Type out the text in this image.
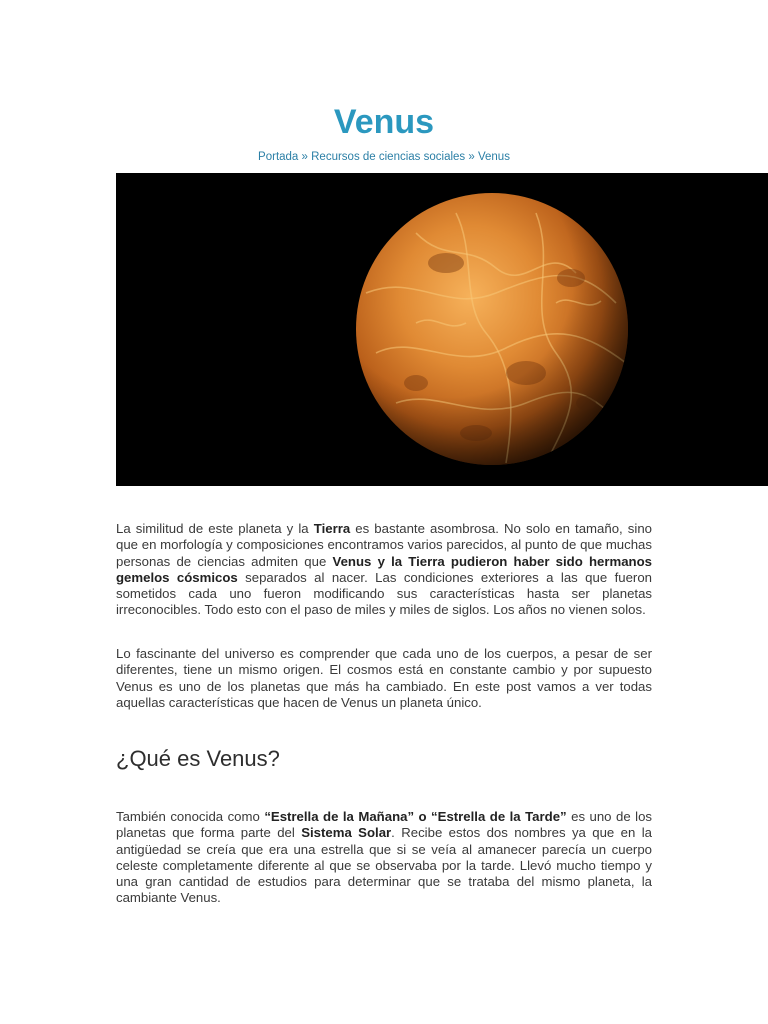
Venus
Portada » Recursos de ciencias sociales » Venus

La similitud de este planeta y la Tierra es bastante asombrosa. No solo en tamaño, sino que en morfología y composiciones encontramos varios parecidos, al punto de que muchas personas de ciencias admiten que Venus y la Tierra pudieron haber sido hermanos gemelos cósmicos separados al nacer. Las condiciones exteriores a las que fueron sometidos cada uno fueron modificando sus características hasta ser planetas irreconocibles. Todo esto con el paso de miles y miles de siglos. Los años no vienen solos.

Lo fascinante del universo es comprender que cada uno de los cuerpos, a pesar de ser diferentes, tiene un mismo origen. El cosmos está en constante cambio y por supuesto Venus es uno de los planetas que más ha cambiado. En este post vamos a ver todas aquellas características que hacen de Venus un planeta único.

¿Qué es Venus?

También conocida como “Estrella de la Mañana” o “Estrella de la Tarde” es uno de los planetas que forma parte del Sistema Solar. Recibe estos dos nombres ya que en la antigüedad se creía que era una estrella que si se veía al amanecer parecía un cuerpo celeste completamente diferente al que se observaba por la tarde. Llevó mucho tiempo y una gran cantidad de estudios para determinar que se trataba del mismo planeta, la cambiante Venus.
